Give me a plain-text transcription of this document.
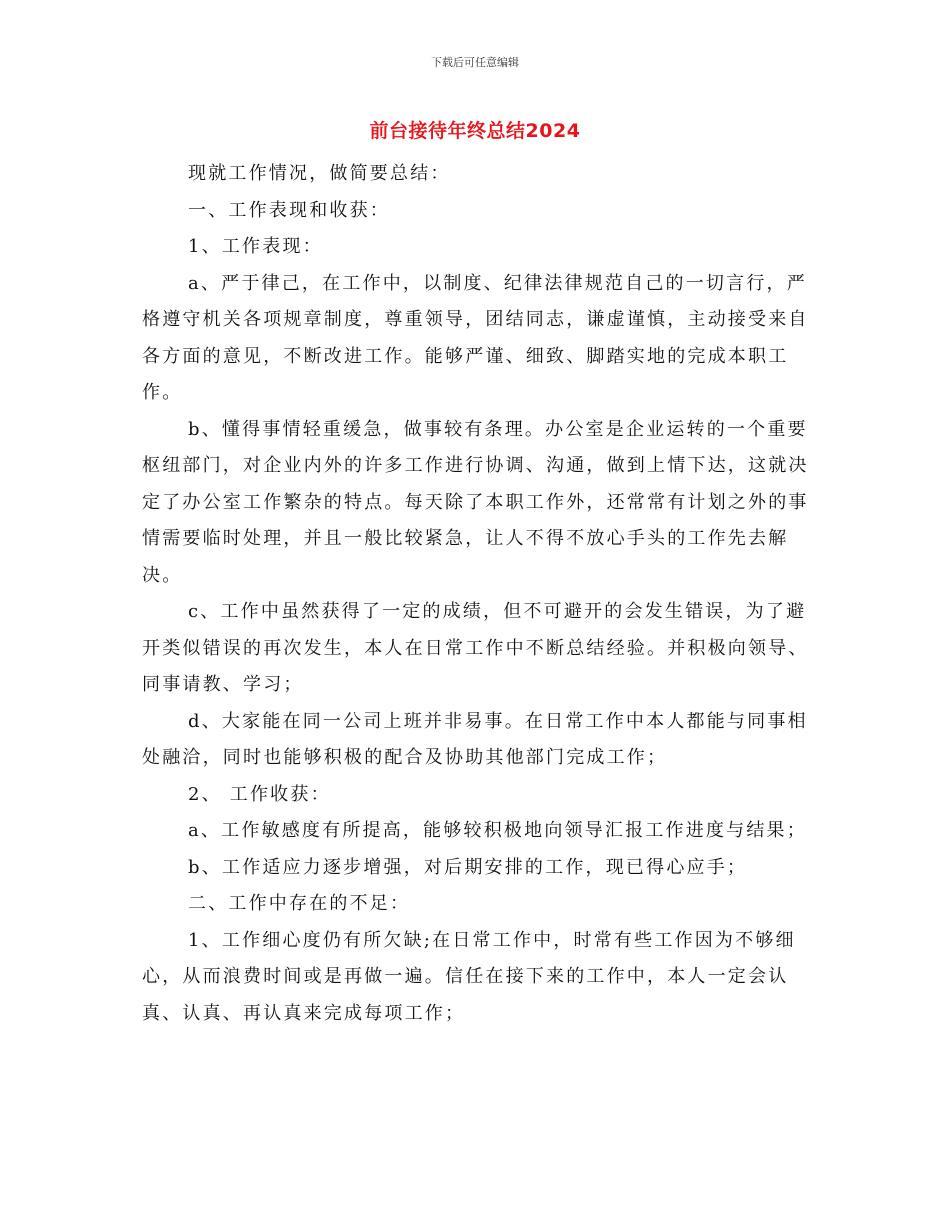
下载后可任意编辑
前台接待年终总结2024

现就工作情况，做简要总结：

一、工作表现和收获：

1、工作表现：

a、严于律己，在工作中，以制度、纪律法律规范自己的一切言行，严格遵守机关各项规章制度，尊重领导，团结同志，谦虚谨慎，主动接受来自各方面的意见，不断改进工作。能够严谨、细致、脚踏实地的完成本职工作。

b、懂得事情轻重缓急，做事较有条理。办公室是企业运转的一个重要枢纽部门，对企业内外的许多工作进行协调、沟通，做到上情下达，这就决定了办公室工作繁杂的特点。每天除了本职工作外，还常常有计划之外的事情需要临时处理，并且一般比较紧急，让人不得不放心手头的工作先去解决。

c、工作中虽然获得了一定的成绩，但不可避开的会发生错误，为了避开类似错误的再次发生，本人在日常工作中不断总结经验。并积极向领导、同事请教、学习；

d、大家能在同一公司上班并非易事。在日常工作中本人都能与同事相处融洽，同时也能够积极的配合及协助其他部门完成工作；

2、 工作收获：

a、工作敏感度有所提高，能够较积极地向领导汇报工作进度与结果；

b、工作适应力逐步增强，对后期安排的工作，现已得心应手；

二、工作中存在的不足：

1、工作细心度仍有所欠缺;在日常工作中，时常有些工作因为不够细心，从而浪费时间或是再做一遍。信任在接下来的工作中，本人一定会认真、认真、再认真来完成每项工作；
